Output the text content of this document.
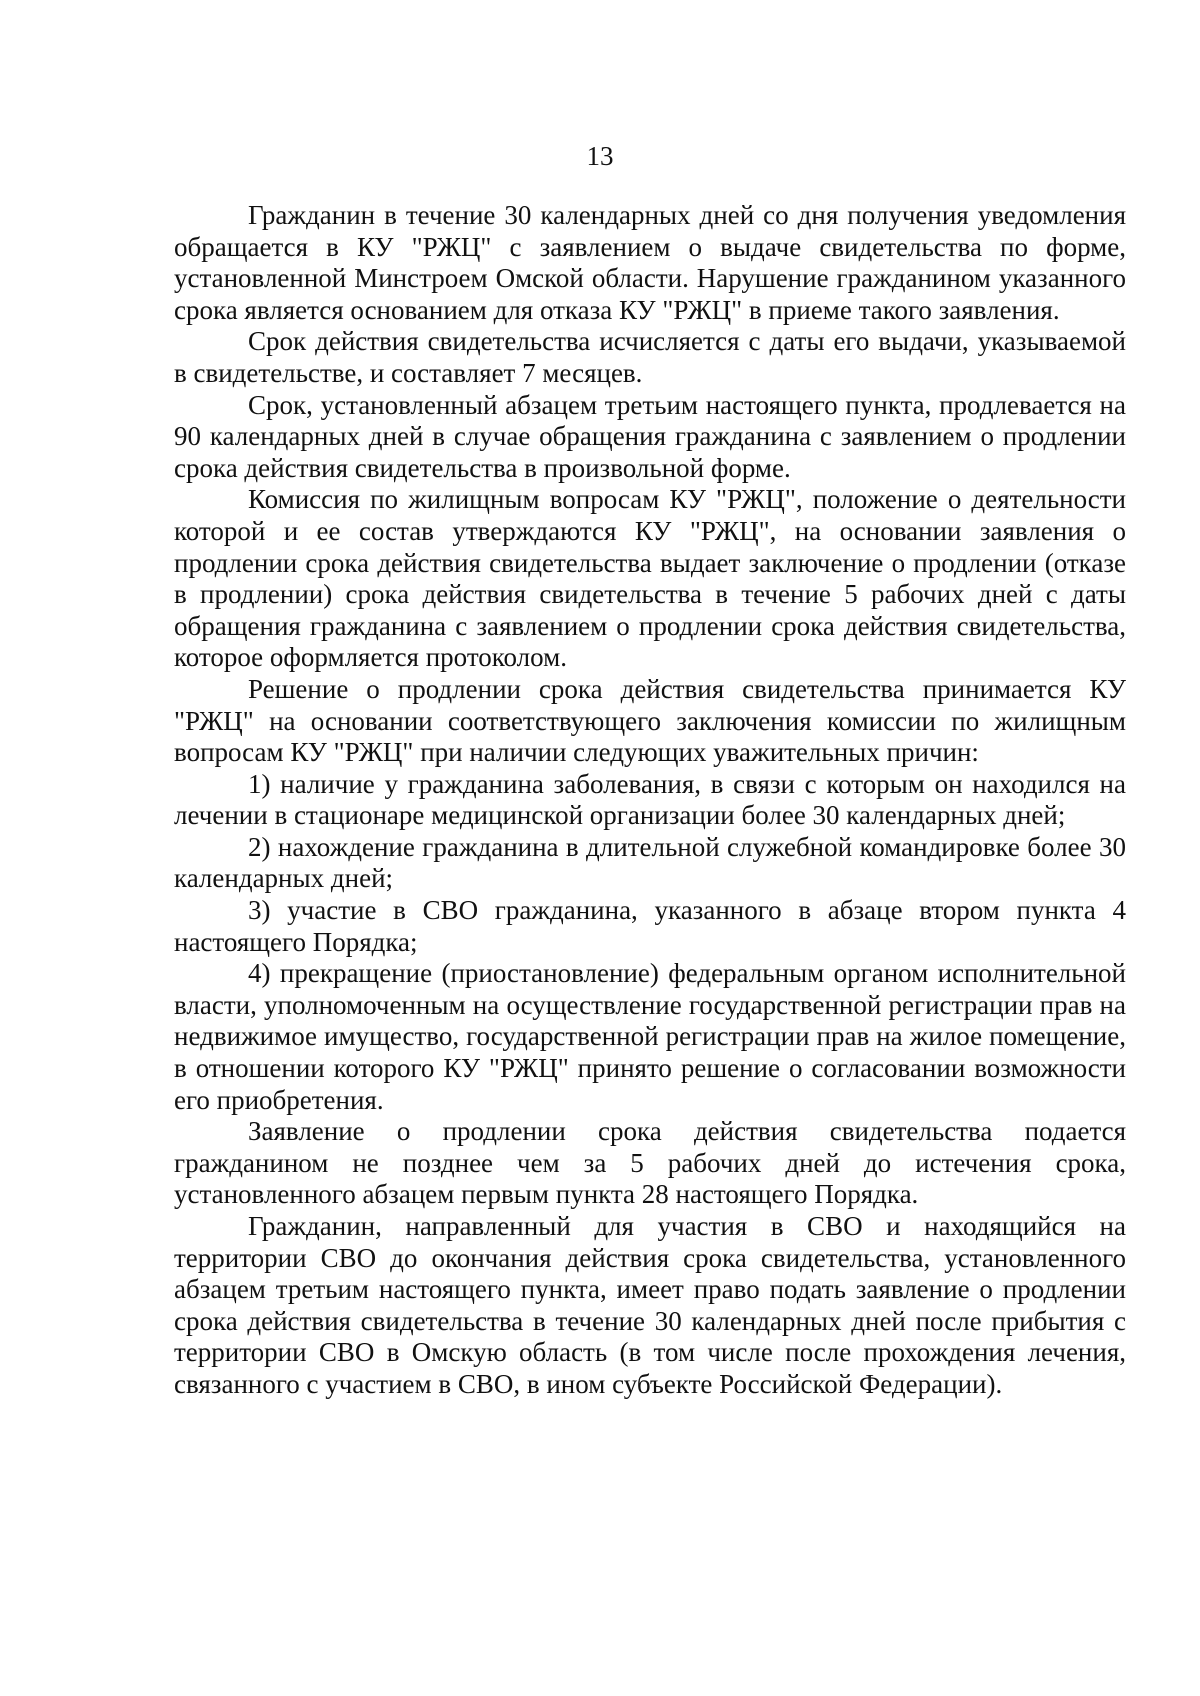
13

Гражданин в течение 30 календарных дней со дня получения уведомления обращается в КУ "РЖЦ" с заявлением о выдаче свидетельства по форме, установленной Минстроем Омской области. Нарушение гражданином указанного срока является основанием для отказа КУ "РЖЦ" в приеме такого заявления.

Срок действия свидетельства исчисляется с даты его выдачи, указываемой в свидетельстве, и составляет 7 месяцев.

Срок, установленный абзацем третьим настоящего пункта, продлевается на 90 календарных дней в случае обращения гражданина с заявлением о продлении срока действия свидетельства в произвольной форме.

Комиссия по жилищным вопросам КУ "РЖЦ", положение о деятельности которой и ее состав утверждаются КУ "РЖЦ", на основании заявления о продлении срока действия свидетельства выдает заключение о продлении (отказе в продлении) срока действия свидетельства в течение 5 рабочих дней с даты обращения гражданина с заявлением о продлении срока действия свидетельства, которое оформляется протоколом.

Решение о продлении срока действия свидетельства принимается КУ "РЖЦ" на основании соответствующего заключения комиссии по жилищным вопросам КУ "РЖЦ" при наличии следующих уважительных причин:

1) наличие у гражданина заболевания, в связи с которым он находился на лечении в стационаре медицинской организации более 30 календарных дней;

2) нахождение гражданина в длительной служебной командировке более 30 календарных дней;

3) участие в СВО гражданина, указанного в абзаце втором пункта 4 настоящего Порядка;

4) прекращение (приостановление) федеральным органом исполнительной власти, уполномоченным на осуществление государственной регистрации прав на недвижимое имущество, государственной регистрации прав на жилое помещение, в отношении которого КУ "РЖЦ" принято решение о согласовании возможности его приобретения.

Заявление о продлении срока действия свидетельства подается гражданином не позднее чем за 5 рабочих дней до истечения срока, установленного абзацем первым пункта 28 настоящего Порядка.

Гражданин, направленный для участия в СВО и находящийся на территории СВО до окончания действия срока свидетельства, установленного абзацем третьим настоящего пункта, имеет право подать заявление о продлении срока действия свидетельства в течение 30 календарных дней после прибытия с территории СВО в Омскую область (в том числе после прохождения лечения, связанного с участием в СВО, в ином субъекте Российской Федерации).
